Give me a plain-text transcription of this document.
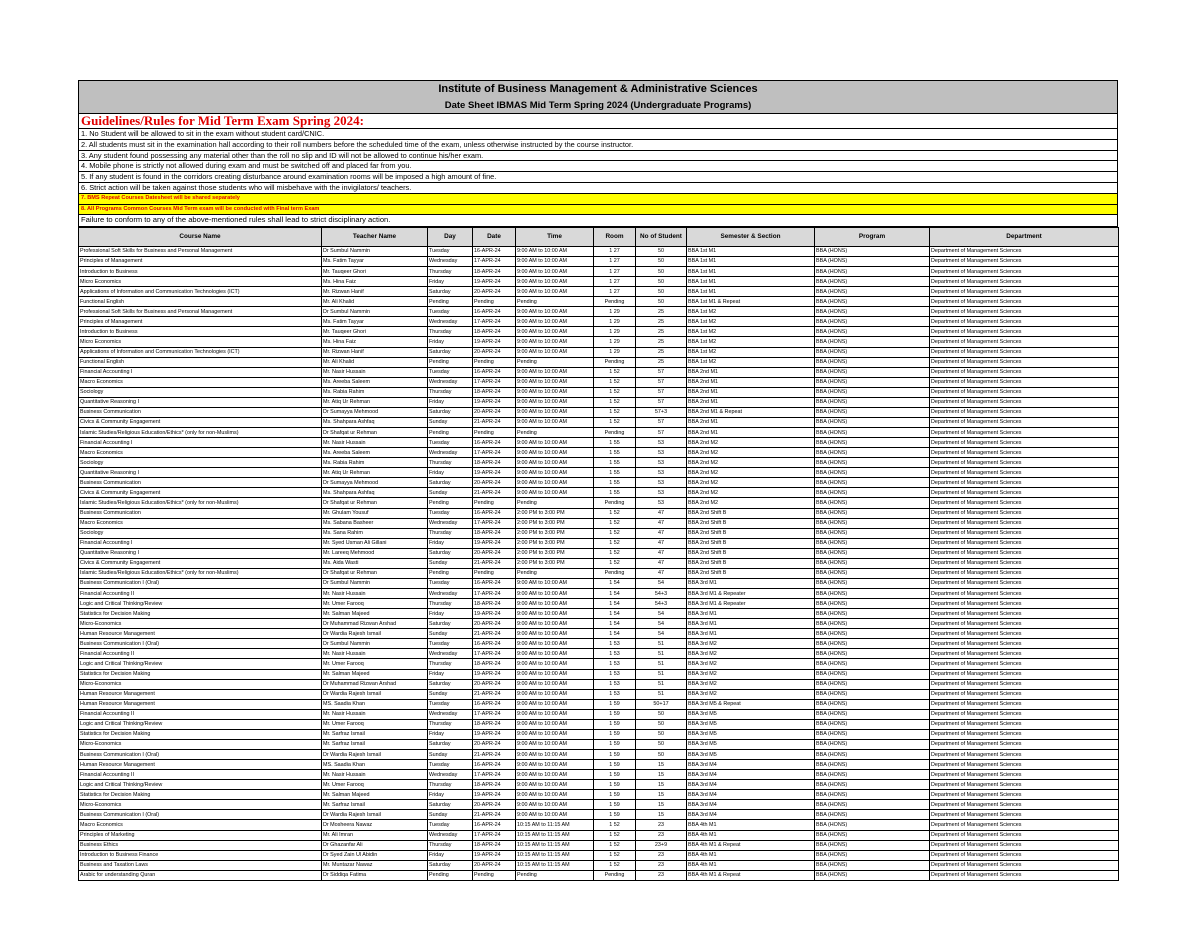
Institute of Business Management & Administrative Sciences
Date Sheet IBMAS Mid Term Spring 2024 (Undergraduate Programs)
Guidelines/Rules for Mid Term Exam Spring 2024:
1. No Student will be allowed to sit in the exam without student card/CNIC.
2. All students must sit in the examination hall according to their roll numbers before the scheduled time of the exam, unless otherwise instructed by the course instructor.
3. Any student found possessing any material other than the roll no slip and ID will not be allowed to continue his/her exam.
4. Mobile phone is strictly not allowed during exam and must be switched off and placed far from you.
5. If any student is found in the corridors creating disturbance around examination rooms will be imposed a high amount of fine.
6. Strict action will be taken against those students who will misbehave with the invigilators/ teachers.
7. BMS Repeat Courses Datesheet will be shared separately
8. All Programs Common Courses Mid Term exam will be conducted with Final term Exam
Failure to conform to any of the above-mentioned rules shall lead to strict disciplinary action.
Course Name	Teacher Name	Day	Date	Time	Room	No of Student	Semester & Section	Program	Department
Professional Soft Skills for Business and Personal Management	Dr Sumbul Nammin	Tuesday	16-APR-24	9:00 AM to 10:00 AM	1 27	50	BBA 1st M1	BBA (HONS)	Department of Management Sciences
Principles of Management	Ms. Fatim Tayyar	Wednesday	17-APR-24	9:00 AM to 10:00 AM	1 27	50	BBA 1st M1	BBA (HONS)	Department of Management Sciences
Introduction to Business	Mr. Tauqeer Ghori	Thursday	18-APR-24	9:00 AM to 10:00 AM	1 27	50	BBA 1st M1	BBA (HONS)	Department of Management Sciences
Micro Economics	Ms. Hina Faiz	Friday	19-APR-24	9:00 AM to 10:00 AM	1 27	50	BBA 1st M1	BBA (HONS)	Department of Management Sciences
Applications of Information and Communication Technologies (ICT)	Mr. Rizwan Hanif	Saturday	20-APR-24	9:00 AM to 10:00 AM	1 27	50	BBA 1st M1	BBA (HONS)	Department of Management Sciences
Functional English	Mr. Ali Khalid	Pending	Pending	Pending	Pending	50	BBA 1st M1 & Repeat	BBA (HONS)	Department of Management Sciences
Professional Soft Skills for Business and Personal Management	Dr Sumbul Nammin	Tuesday	16-APR-24	9:00 AM to 10:00 AM	1 29	25	BBA 1st M2	BBA (HONS)	Department of Management Sciences
Principles of Management	Ms. Fatim Tayyar	Wednesday	17-APR-24	9:00 AM to 10:00 AM	1 29	25	BBA 1st M2	BBA (HONS)	Department of Management Sciences
Introduction to Business	Mr. Tauqeer Ghori	Thursday	18-APR-24	9:00 AM to 10:00 AM	1 29	25	BBA 1st M2	BBA (HONS)	Department of Management Sciences
Micro Economics	Ms. Hina Faiz	Friday	19-APR-24	9:00 AM to 10:00 AM	1 29	25	BBA 1st M2	BBA (HONS)	Department of Management Sciences
Applications of Information and Communication Technologies (ICT)	Mr. Rizwan Hanif	Saturday	20-APR-24	9:00 AM to 10:00 AM	1 29	25	BBA 1st M2	BBA (HONS)	Department of Management Sciences
Functional English	Mr. Ali Khalid	Pending	Pending	Pending	Pending	25	BBA 1st M2	BBA (HONS)	Department of Management Sciences
Financial Accounting I	Mr. Nasir Hussain	Tuesday	16-APR-24	9:00 AM to 10:00 AM	1 52	57	BBA 2nd M1	BBA (HONS)	Department of Management Sciences
Macro Economics	Ms. Areeba Saleem	Wednesday	17-APR-24	9:00 AM to 10:00 AM	1 52	57	BBA 2nd M1	BBA (HONS)	Department of Management Sciences
Sociology	Ms. Rabia Rahim	Thursday	18-APR-24	9:00 AM to 10:00 AM	1 52	57	BBA 2nd M1	BBA (HONS)	Department of Management Sciences
Quantitative Reasoning I	Mr. Atiq Ur Rehman	Friday	19-APR-24	9:00 AM to 10:00 AM	1 52	57	BBA 2nd M1	BBA (HONS)	Department of Management Sciences
Business Communication	Dr Sumayya Mehmood	Saturday	20-APR-24	9:00 AM to 10:00 AM	1 52	57+3	BBA 2nd M1 & Repeat	BBA (HONS)	Department of Management Sciences
Civics & Community Engagement	Ms. Shahpara Ashfaq	Sunday	21-APR-24	9:00 AM to 10:00 AM	1 52	57	BBA 2nd M1	BBA (HONS)	Department of Management Sciences
Islamic Studies/Religious Education/Ethics* (only for non-Muslims)	Dr Shafqat ur Rehman	Pending	Pending	Pending	Pending	57	BBA 2nd M1	BBA (HONS)	Department of Management Sciences
Financial Accounting I	Mr. Nasir Hussain	Tuesday	16-APR-24	9:00 AM to 10:00 AM	1 55	53	BBA 2nd M2	BBA (HONS)	Department of Management Sciences
Macro Economics	Ms. Areeba Saleem	Wednesday	17-APR-24	9:00 AM to 10:00 AM	1 55	53	BBA 2nd M2	BBA (HONS)	Department of Management Sciences
Sociology	Ms. Rabia Rahim	Thursday	18-APR-24	9:00 AM to 10:00 AM	1 55	53	BBA 2nd M2	BBA (HONS)	Department of Management Sciences
Quantitative Reasoning I	Mr. Atiq Ur Rehman	Friday	19-APR-24	9:00 AM to 10:00 AM	1 55	53	BBA 2nd M2	BBA (HONS)	Department of Management Sciences
Business Communication	Dr Sumayya Mehmood	Saturday	20-APR-24	9:00 AM to 10:00 AM	1 55	53	BBA 2nd M2	BBA (HONS)	Department of Management Sciences
Civics & Community Engagement	Ms. Shahpara Ashfaq	Sunday	21-APR-24	9:00 AM to 10:00 AM	1 55	53	BBA 2nd M2	BBA (HONS)	Department of Management Sciences
Islamic Studies/Religious Education/Ethics* (only for non-Muslims)	Dr Shafqat ur Rehman	Pending	Pending	Pending	Pending	53	BBA 2nd M2	BBA (HONS)	Department of Management Sciences
Business Communication	Mr. Ghulam Yousuf	Tuesday	16-APR-24	2:00 PM to 3:00 PM	1 52	47	BBA 2nd Shift B	BBA (HONS)	Department of Management Sciences
Macro Economics	Ms. Sabana Basheer	Wednesday	17-APR-24	2:00 PM to 3:00 PM	1 52	47	BBA 2nd Shift B	BBA (HONS)	Department of Management Sciences
Sociology	Ms. Sana Rahim	Thursday	18-APR-24	2:00 PM to 3:00 PM	1 52	47	BBA 2nd Shift B	BBA (HONS)	Department of Management Sciences
Financial Accounting I	Mr. Syed Usman Ali Gillani	Friday	19-APR-24	2:00 PM to 3:00 PM	1 52	47	BBA 2nd Shift B	BBA (HONS)	Department of Management Sciences
Quantitative Reasoning I	Mr. Lareeq Mehmood	Saturday	20-APR-24	2:00 PM to 3:00 PM	1 52	47	BBA 2nd Shift B	BBA (HONS)	Department of Management Sciences
Civics & Community Engagement	Ms. Aida Wasti	Sunday	21-APR-24	2:00 PM to 3:00 PM	1 52	47	BBA 2nd Shift B	BBA (HONS)	Department of Management Sciences
Islamic Studies/Religious Education/Ethics* (only for non-Muslims)	Dr Shafqat ur Rehman	Pending	Pending	Pending	Pending	47	BBA 2nd Shift B	BBA (HONS)	Department of Management Sciences
Business Communication I (Oral)	Dr Sumbul Nammin	Tuesday	16-APR-24	9:00 AM to 10:00 AM	1 54	54	BBA 3rd M1	BBA (HONS)	Department of Management Sciences
Financial Accounting II	Mr. Nasir Hussain	Wednesday	17-APR-24	9:00 AM to 10:00 AM	1 54	54+3	BBA 3rd M1 & Repeater	BBA (HONS)	Department of Management Sciences
Logic and Critical Thinking/Review	Mr. Umer Farooq	Thursday	18-APR-24	9:00 AM to 10:00 AM	1 54	54+3	BBA 3rd M1 & Repeater	BBA (HONS)	Department of Management Sciences
Statistics for Decision Making	Mr. Salman Majeed	Friday	19-APR-24	9:00 AM to 10:00 AM	1 54	54	BBA 3rd M1	BBA (HONS)	Department of Management Sciences
Micro-Economics	Dr Muhammad Rizwan Arshad	Saturday	20-APR-24	9:00 AM to 10:00 AM	1 54	54	BBA 3rd M1	BBA (HONS)	Department of Management Sciences
Human Resource Management	Dr Wardia Rajesh Ismail	Sunday	21-APR-24	9:00 AM to 10:00 AM	1 54	54	BBA 3rd M1	BBA (HONS)	Department of Management Sciences
Business Communication I (Oral)	Dr Sumbul Nammin	Tuesday	16-APR-24	9:00 AM to 10:00 AM	1 53	51	BBA 3rd M2	BBA (HONS)	Department of Management Sciences
Financial Accounting II	Mr. Nasir Hussain	Wednesday	17-APR-24	9:00 AM to 10:00 AM	1 53	51	BBA 3rd M2	BBA (HONS)	Department of Management Sciences
Logic and Critical Thinking/Review	Mr. Umer Farooq	Thursday	18-APR-24	9:00 AM to 10:00 AM	1 53	51	BBA 3rd M2	BBA (HONS)	Department of Management Sciences
Statistics for Decision Making	Mr. Salman Majeed	Friday	19-APR-24	9:00 AM to 10:00 AM	1 53	51	BBA 3rd M2	BBA (HONS)	Department of Management Sciences
Micro-Economics	Dr Muhammad Rizwan Arshad	Saturday	20-APR-24	9:00 AM to 10:00 AM	1 53	51	BBA 3rd M2	BBA (HONS)	Department of Management Sciences
Human Resource Management	Dr Wardia Rajesh Ismail	Sunday	21-APR-24	9:00 AM to 10:00 AM	1 53	51	BBA 3rd M2	BBA (HONS)	Department of Management Sciences
Human Resource Management	MS. Saadia Khan	Tuesday	16-APR-24	9:00 AM to 10:00 AM	1 59	50+17	BBA 3rd M5 & Repeat	BBA (HONS)	Department of Management Sciences
Financial Accounting II	Mr. Nasir Hussain	Wednesday	17-APR-24	9:00 AM to 10:00 AM	1 59	50	BBA 3rd M5	BBA (HONS)	Department of Management Sciences
Logic and Critical Thinking/Review	Mr. Umer Farooq	Thursday	18-APR-24	9:00 AM to 10:00 AM	1 59	50	BBA 3rd M5	BBA (HONS)	Department of Management Sciences
Statistics for Decision Making	Mr. Sarfraz Ismail	Friday	19-APR-24	9:00 AM to 10:00 AM	1 59	50	BBA 3rd M5	BBA (HONS)	Department of Management Sciences
Micro-Economics	Mr. Sarfraz Ismail	Saturday	20-APR-24	9:00 AM to 10:00 AM	1 59	50	BBA 3rd M5	BBA (HONS)	Department of Management Sciences
Business Communication I (Oral)	Dr Wardia Rajesh Ismail	Sunday	21-APR-24	9:00 AM to 10:00 AM	1 59	50	BBA 3rd M5	BBA (HONS)	Department of Management Sciences
Human Resource Management	MS. Saadia Khan	Tuesday	16-APR-24	9:00 AM to 10:00 AM	1 59	15	BBA 3rd M4	BBA (HONS)	Department of Management Sciences
Financial Accounting II	Mr. Nasir Hussain	Wednesday	17-APR-24	9:00 AM to 10:00 AM	1 59	15	BBA 3rd M4	BBA (HONS)	Department of Management Sciences
Logic and Critical Thinking/Review	Mr. Umer Farooq	Thursday	18-APR-24	9:00 AM to 10:00 AM	1 59	15	BBA 3rd M4	BBA (HONS)	Department of Management Sciences
Statistics for Decision Making	Mr. Salman Majeed	Friday	19-APR-24	9:00 AM to 10:00 AM	1 59	15	BBA 3rd M4	BBA (HONS)	Department of Management Sciences
Micro-Economics	Mr. Sarfraz Ismail	Saturday	20-APR-24	9:00 AM to 10:00 AM	1 59	15	BBA 3rd M4	BBA (HONS)	Department of Management Sciences
Business Communication I (Oral)	Dr Wardia Rajesh Ismail	Sunday	21-APR-24	9:00 AM to 10:00 AM	1 59	15	BBA 3rd M4	BBA (HONS)	Department of Management Sciences
Macro Economics	Dr Mosheera Nawaz	Tuesday	16-APR-24	10:15 AM to 11:15 AM	1 52	23	BBA 4th M1	BBA (HONS)	Department of Management Sciences
Principles of Marketing	Mr. Ali Imran	Wednesday	17-APR-24	10:15 AM to 11:15 AM	1 52	23	BBA 4th M1	BBA (HONS)	Department of Management Sciences
Business Ethics	Dr Ghazanfar Ali	Thursday	18-APR-24	10:15 AM to 11:15 AM	1 52	23+9	BBA 4th M1 & Repeat	BBA (HONS)	Department of Management Sciences
Introduction to Business Finance	Dr Syed Zain Ul Abidin	Friday	19-APR-24	10:15 AM to 11:15 AM	1 52	23	BBA 4th M1	BBA (HONS)	Department of Management Sciences
Business and Taxation Laws	Mr. Muntazar Nawaz	Saturday	20-APR-24	10:15 AM to 11:15 AM	1 52	23	BBA 4th M1	BBA (HONS)	Department of Management Sciences
Arabic for understanding Quran	Dr Siddiqa Fatima	Pending	Pending	Pending	Pending	23	BBA 4th M1 & Repeat	BBA (HONS)	Department of Management Sciences
